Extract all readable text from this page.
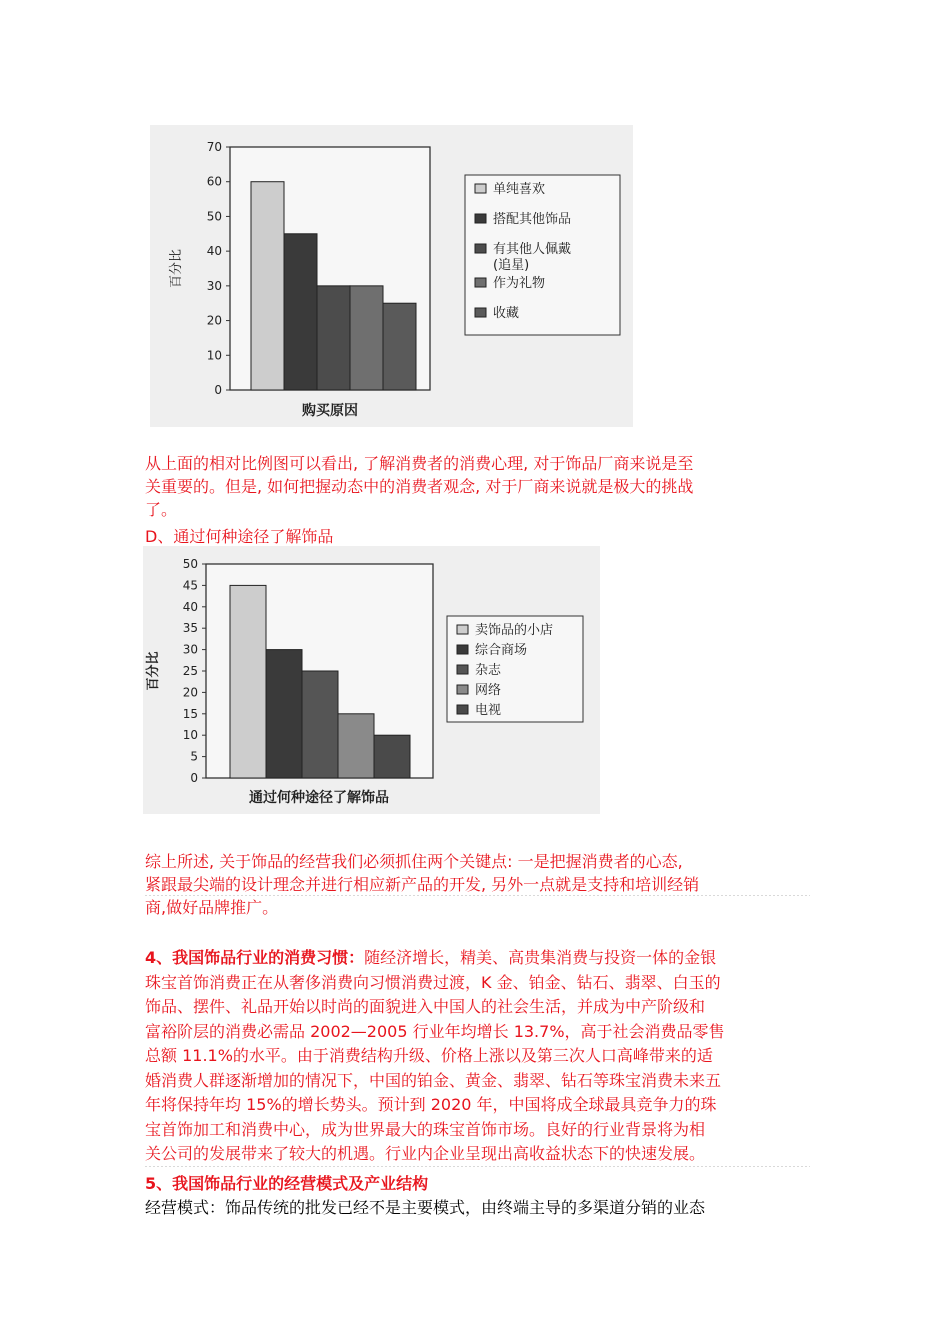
0
10
20
30
40
50
60
70
百分比
购买原因
单纯喜欢
搭配其他饰品
有其他人佩戴
(追星)
作为礼物
收藏

从上面的相对比例图可以看出, 了解消费者的消费心理, 对于饰品厂商来说是至
关重要的。但是, 如何把握动态中的消费者观念, 对于厂商来说就是极大的挑战
了。

D、通过何种途径了解饰品

0
5
10
15
20
25
30
35
40
45
50
百分比
通过何种途径了解饰品
卖饰品的小店
综合商场
杂志
网络
电视

综上所述, 关于饰品的经营我们必须抓住两个关键点: 一是把握消费者的心态,
紧跟最尖端的设计理念并进行相应新产品的开发, 另外一点就是支持和培训经销
商,做好品牌推广。

4、我国饰品行业的消费习惯：随经济增长，精美、高贵集消费与投资一体的金银
珠宝首饰消费正在从奢侈消费向习惯消费过渡，K 金、铂金、钻石、翡翠、白玉的
饰品、摆件、礼品开始以时尚的面貌进入中国人的社会生活，并成为中产阶级和
富裕阶层的消费必需品 2002—2005 行业年均增长 13.7%，高于社会消费品零售
总额 11.1%的水平。由于消费结构升级、价格上涨以及第三次人口高峰带来的适
婚消费人群逐渐增加的情况下，中国的铂金、黄金、翡翠、钻石等珠宝消费未来五
年将保持年均 15%的增长势头。预计到 2020 年，中国将成全球最具竞争力的珠
宝首饰加工和消费中心，成为世界最大的珠宝首饰市场。良好的行业背景将为相
关公司的发展带来了较大的机遇。行业内企业呈现出高收益状态下的快速发展。

5、我国饰品行业的经营模式及产业结构
经营模式：饰品传统的批发已经不是主要模式，由终端主导的多渠道分销的业态
